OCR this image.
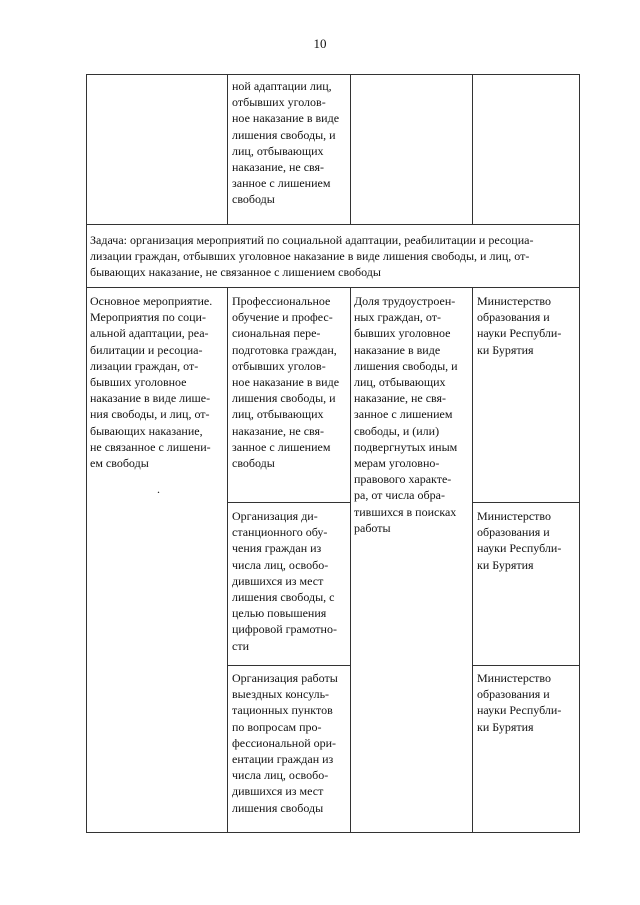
10
ной адаптации лиц,
отбывших уголов-
ное наказание в виде
лишения свободы, и
лиц, отбывающих
наказание, не свя-
занное с лишением
свободы
Задача: организация мероприятий по социальной адаптации, реабилитации и ресоциа-
лизации граждан, отбывших уголовное наказание в виде лишения свободы, и лиц, от-
бывающих наказание, не связанное с лишением свободы
Основное мероприятие.
Мероприятия по соци-
альной адаптации, реа-
билитации и ресоциа-
лизации граждан, от-
бывших уголовное
наказание в виде лише-
ния свободы, и лиц, от-
бывающих наказание,
не связанное с лишени-
ем свободы
.
Профессиональное
обучение и профес-
сиональная пере-
подготовка граждан,
отбывших уголов-
ное наказание в виде
лишения свободы, и
лиц, отбывающих
наказание, не свя-
занное с лишением
свободы
Доля трудоустроен-
ных граждан, от-
бывших уголовное
наказание в виде
лишения свободы, и
лиц, отбывающих
наказание, не свя-
занное с лишением
свободы, и (или)
подвергнутых иным
мерам уголовно-
правового характе-
ра, от числа обра-
тившихся в поисках
работы
Министерство
образования и
науки Республи-
ки Бурятия
Организация ди-
станционного обу-
чения граждан из
числа лиц, освобо-
дившихся из мест
лишения свободы, с
целью повышения
цифровой грамотно-
сти
Министерство
образования и
науки Республи-
ки Бурятия
Организация работы
выездных консуль-
тационных пунктов
по вопросам про-
фессиональной ори-
ентации граждан из
числа лиц, освобо-
дившихся из мест
лишения свободы
Министерство
образования и
науки Республи-
ки Бурятия
